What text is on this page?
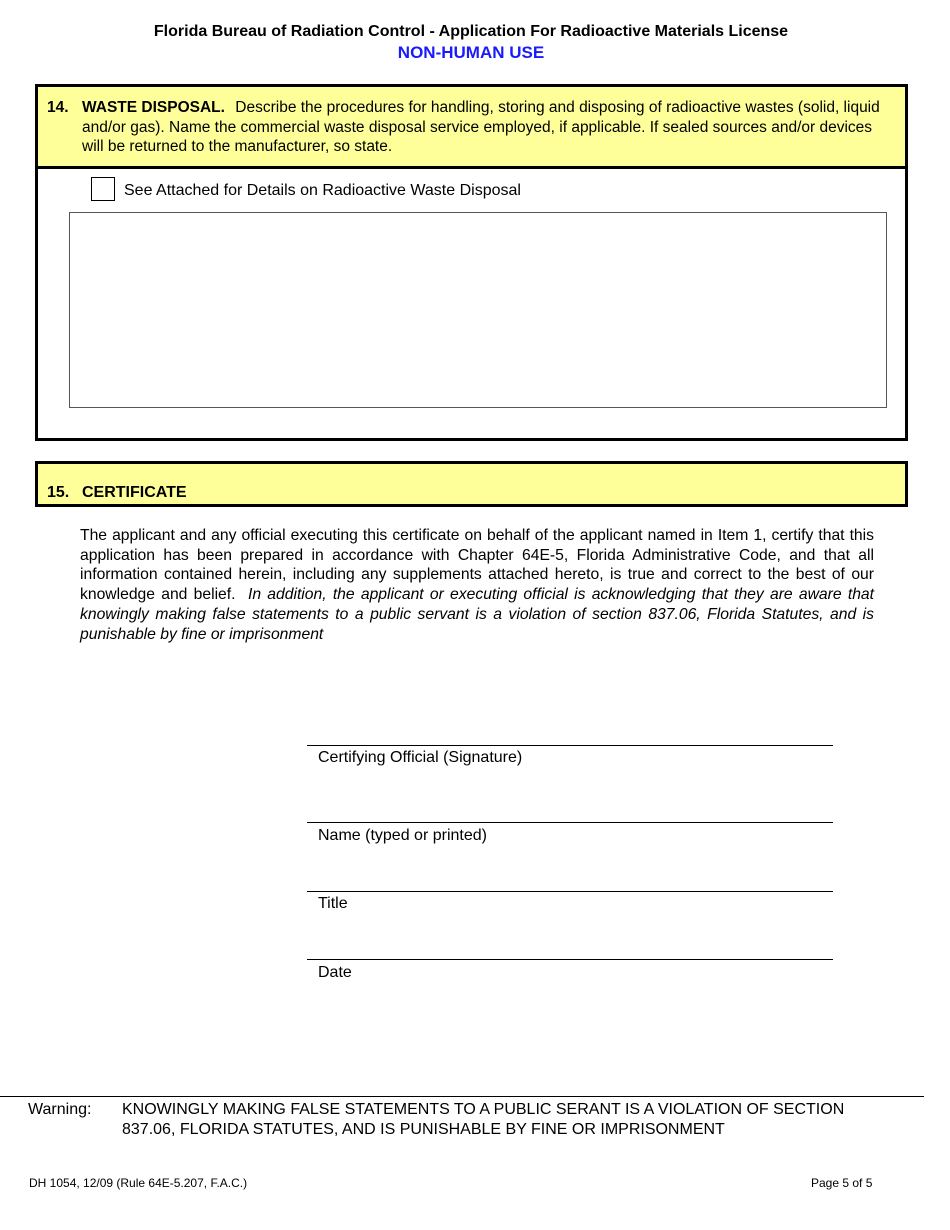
Florida Bureau of Radiation Control - Application For Radioactive Materials License
NON-HUMAN USE
14. WASTE DISPOSAL. Describe the procedures for handling, storing and disposing of radioactive wastes (solid, liquid and/or gas). Name the commercial waste disposal service employed, if applicable. If sealed sources and/or devices will be returned to the manufacturer, so state.
See Attached for Details on Radioactive Waste Disposal
15. CERTIFICATE
The applicant and any official executing this certificate on behalf of the applicant named in Item 1, certify that this application has been prepared in accordance with Chapter 64E-5, Florida Administrative Code, and that all information contained herein, including any supplements attached hereto, is true and correct to the best of our knowledge and belief. In addition, the applicant or executing official is acknowledging that they are aware that knowingly making false statements to a public servant is a violation of section 837.06, Florida Statutes, and is punishable by fine or imprisonment
Certifying Official (Signature)
Name (typed or printed)
Title
Date
Warning: KNOWINGLY MAKING FALSE STATEMENTS TO A PUBLIC SERANT IS A VIOLATION OF SECTION 837.06, FLORIDA STATUTES, AND IS PUNISHABLE BY FINE OR IMPRISONMENT
DH 1054, 12/09 (Rule 64E-5.207, F.A.C.)	Page 5 of 5
